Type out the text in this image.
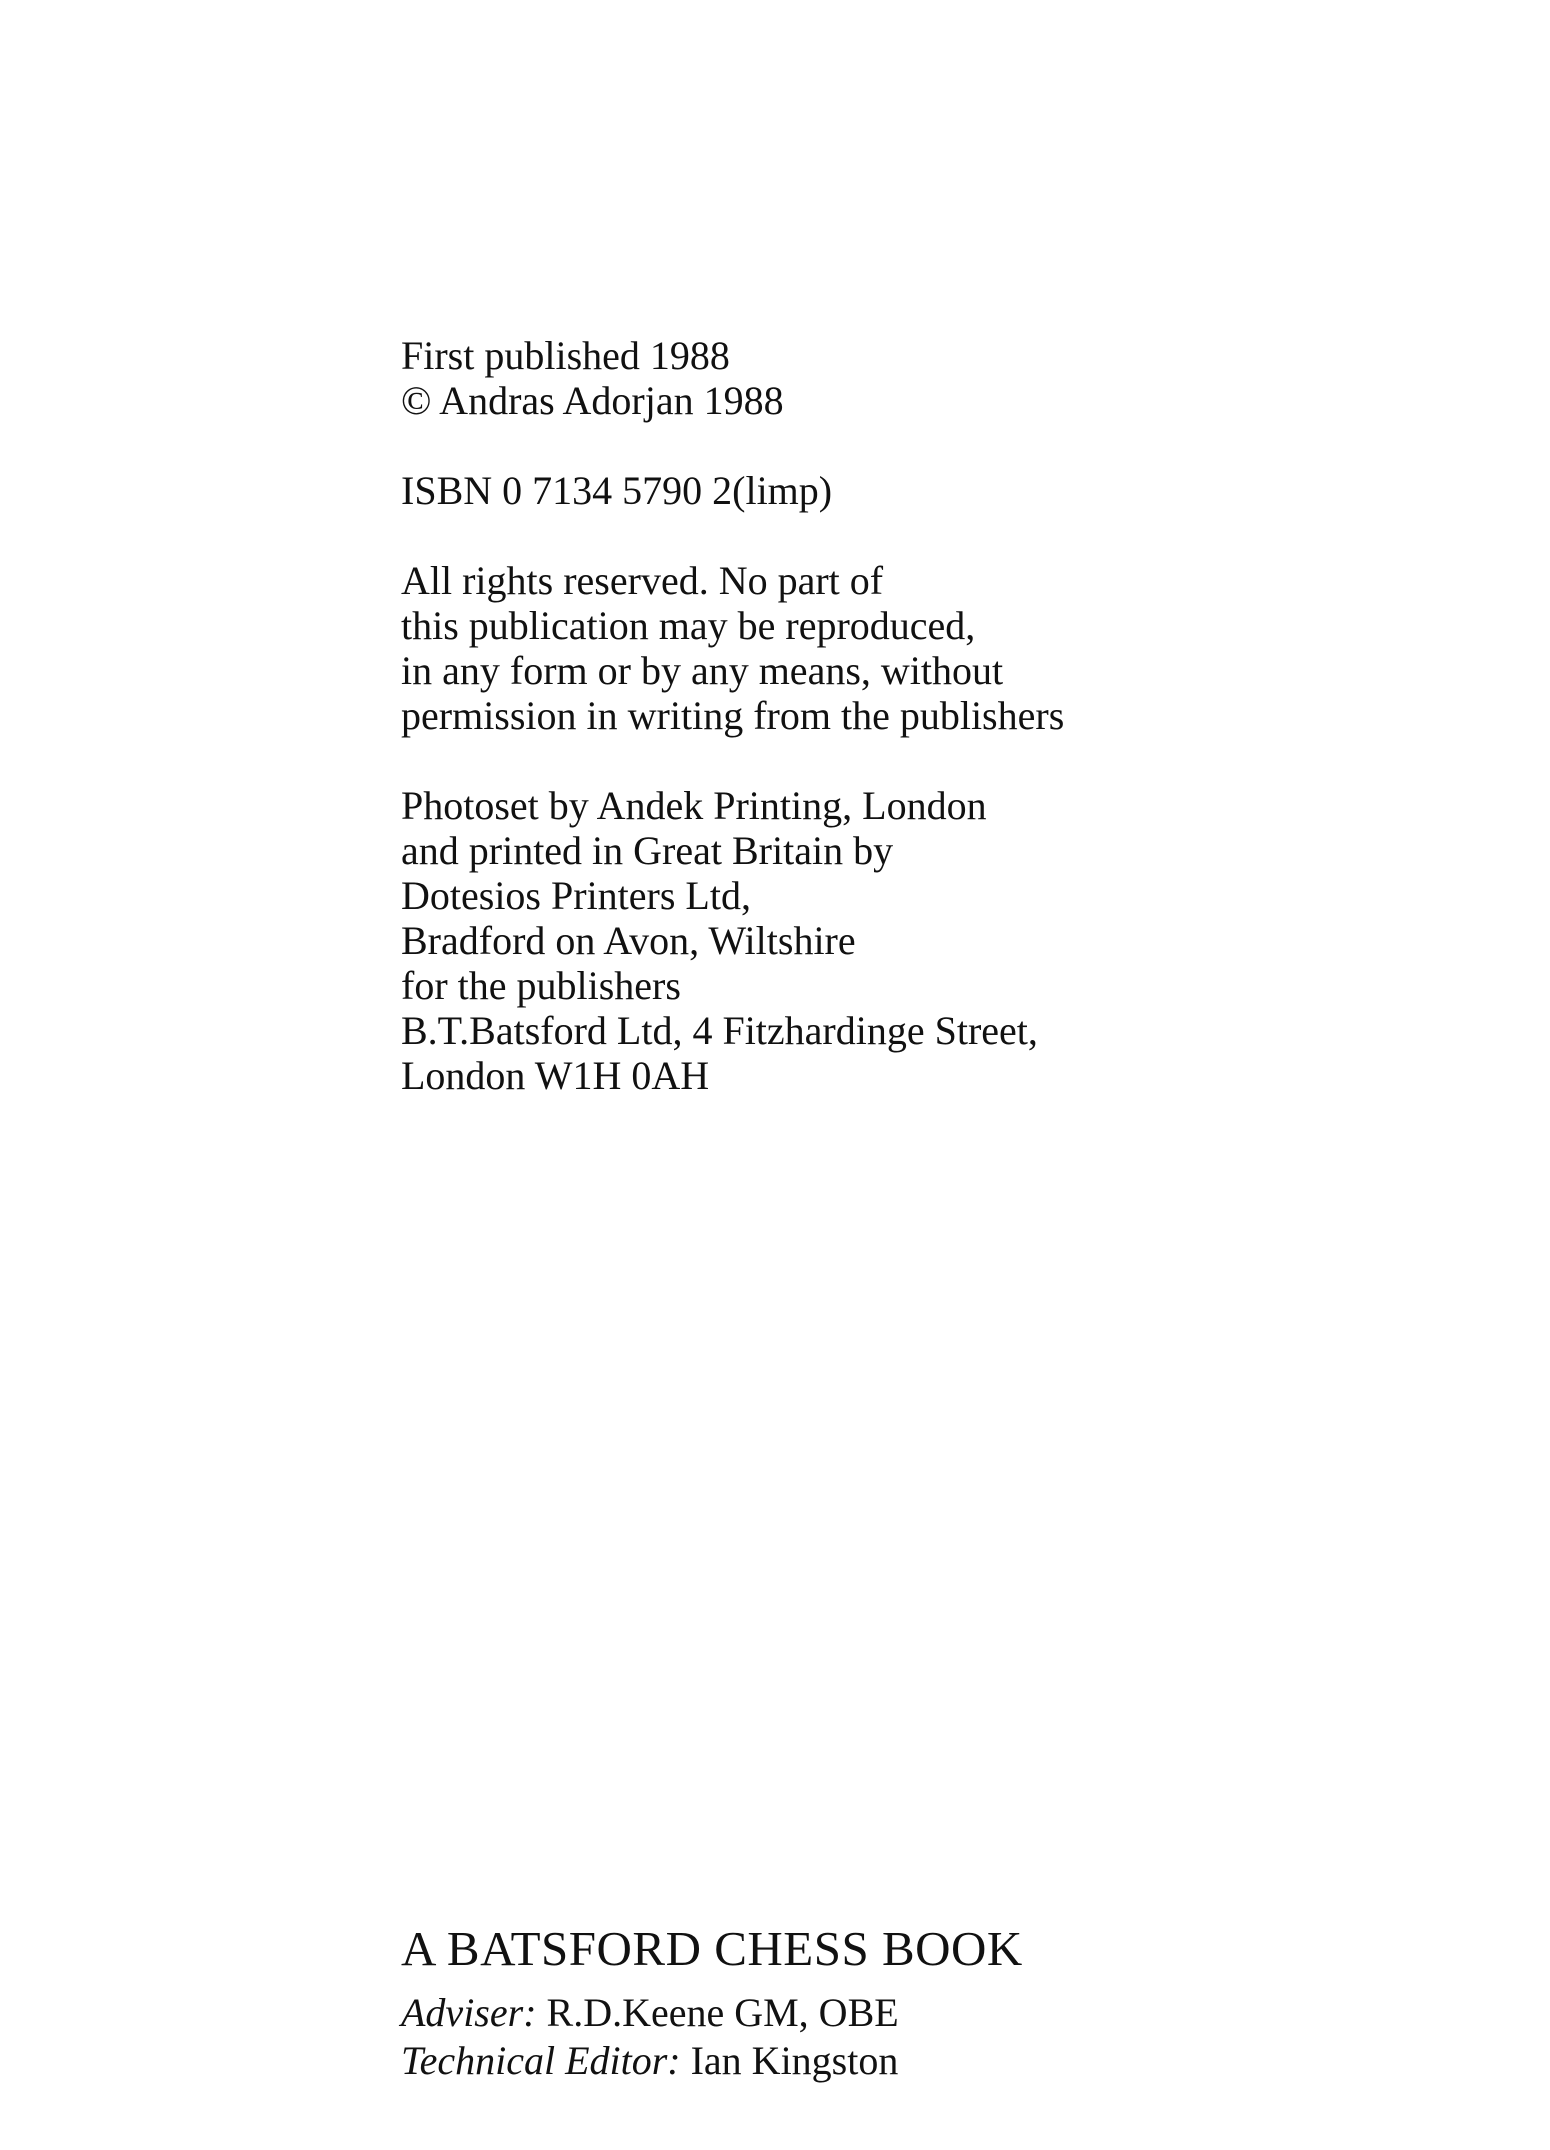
First published 1988
© Andras Adorjan 1988

ISBN 0 7134 5790 2(limp)

All rights reserved. No part of
this publication may be reproduced,
in any form or by any means, without
permission in writing from the publishers

Photoset by Andek Printing, London
and printed in Great Britain by
Dotesios Printers Ltd,
Bradford on Avon, Wiltshire
for the publishers
B.T.Batsford Ltd, 4 Fitzhardinge Street,
London W1H 0AH

A BATSFORD CHESS BOOK
Adviser: R.D.Keene GM, OBE
Technical Editor: Ian Kingston
